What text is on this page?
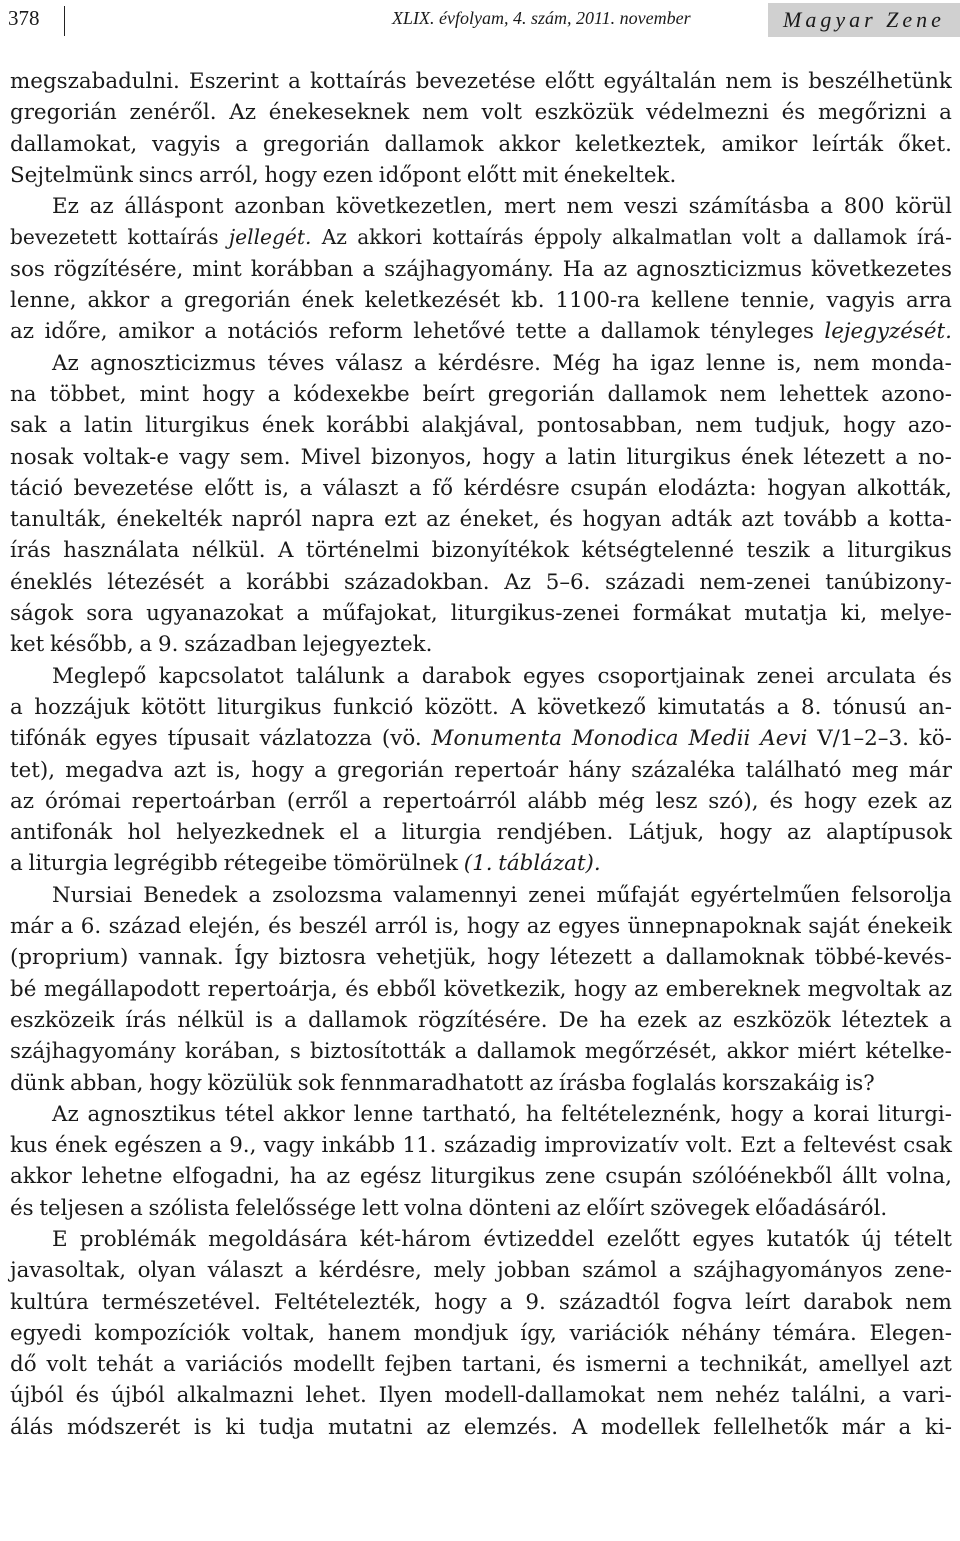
378	XLIX. évfolyam, 4. szám, 2011. november	Magyar Zene
megszabadulni. Eszerint a kottaírás bevezetése előtt egyáltalán nem is beszélhetünk
gregorián zenéről. Az énekeseknek nem volt eszközük védelmezni és megőrizni a
dallamokat, vagyis a gregorián dallamok akkor keletkeztek, amikor leírták őket.
Sejtelmünk sincs arról, hogy ezen időpont előtt mit énekeltek.
Ez az álláspont azonban következetlen, mert nem veszi számításba a 800 körül
bevezetett kottaírás jellegét. Az akkori kottaírás éppoly alkalmatlan volt a dallamok írá-
sos rögzítésére, mint korábban a szájhagyomány. Ha az agnoszticizmus következetes
lenne, akkor a gregorián ének keletkezését kb. 1100-ra kellene tennie, vagyis arra
az időre, amikor a notációs reform lehetővé tette a dallamok tényleges lejegyzését.
Az agnoszticizmus téves válasz a kérdésre. Még ha igaz lenne is, nem monda-
na többet, mint hogy a kódexekbe beírt gregorián dallamok nem lehettek azono-
sak a latin liturgikus ének korábbi alakjával, pontosabban, nem tudjuk, hogy azo-
nosak voltak-e vagy sem. Mivel bizonyos, hogy a latin liturgikus ének létezett a no-
táció bevezetése előtt is, a választ a fő kérdésre csupán elodázta: hogyan alkották,
tanulták, énekelték napról napra ezt az éneket, és hogyan adták azt tovább a kotta-
írás használata nélkül. A történelmi bizonyítékok kétségtelenné teszik a liturgikus
éneklés létezését a korábbi századokban. Az 5–6. századi nem-zenei tanúbizony-
ságok sora ugyanazokat a műfajokat, liturgikus-zenei formákat mutatja ki, melye-
ket később, a 9. században lejegyeztek.
Meglepő kapcsolatot találunk a darabok egyes csoportjainak zenei arculata és
a hozzájuk kötött liturgikus funkció között. A következő kimutatás a 8. tónusú an-
tifónák egyes típusait vázlatozza (vö. Monumenta Monodica Medii Aevi V/1–2–3. kö-
tet), megadva azt is, hogy a gregorián repertoár hány százaléka található meg már
az órómai repertoárban (erről a repertoárról alább még lesz szó), és hogy ezek az
antifonák hol helyezkednek el a liturgia rendjében. Látjuk, hogy az alaptípusok
a liturgia legrégibb rétegeibe tömörülnek (1. táblázat).
Nursiai Benedek a zsolozsma valamennyi zenei műfaját egyértelműen felsorolja
már a 6. század elején, és beszél arról is, hogy az egyes ünnepnapoknak saját énekeik
(proprium) vannak. Így biztosra vehetjük, hogy létezett a dallamoknak többé-kevés-
bé megállapodott repertoárja, és ebből következik, hogy az embereknek megvoltak az
eszközeik írás nélkül is a dallamok rögzítésére. De ha ezek az eszközök léteztek a
szájhagyomány korában, s biztosították a dallamok megőrzését, akkor miért kételke-
dünk abban, hogy közülük sok fennmaradhatott az írásba foglalás korszakáig is?
Az agnosztikus tétel akkor lenne tartható, ha feltételeznénk, hogy a korai liturgi-
kus ének egészen a 9., vagy inkább 11. századig improvizatív volt. Ezt a feltevést csak
akkor lehetne elfogadni, ha az egész liturgikus zene csupán szólóénekből állt volna,
és teljesen a szólista felelőssége lett volna dönteni az előírt szövegek előadásáról.
E problémák megoldására két-három évtizeddel ezelőtt egyes kutatók új tételt
javasoltak, olyan választ a kérdésre, mely jobban számol a szájhagyományos zene-
kultúra természetével. Feltételezték, hogy a 9. századtól fogva leírt darabok nem
egyedi kompozíciók voltak, hanem mondjuk így, variációk néhány témára. Elegen-
dő volt tehát a variációs modellt fejben tartani, és ismerni a technikát, amellyel azt
újból és újból alkalmazni lehet. Ilyen modell-dallamokat nem nehéz találni, a vari-
álás módszerét is ki tudja mutatni az elemzés. A modellek fellelhetők már a ki-
